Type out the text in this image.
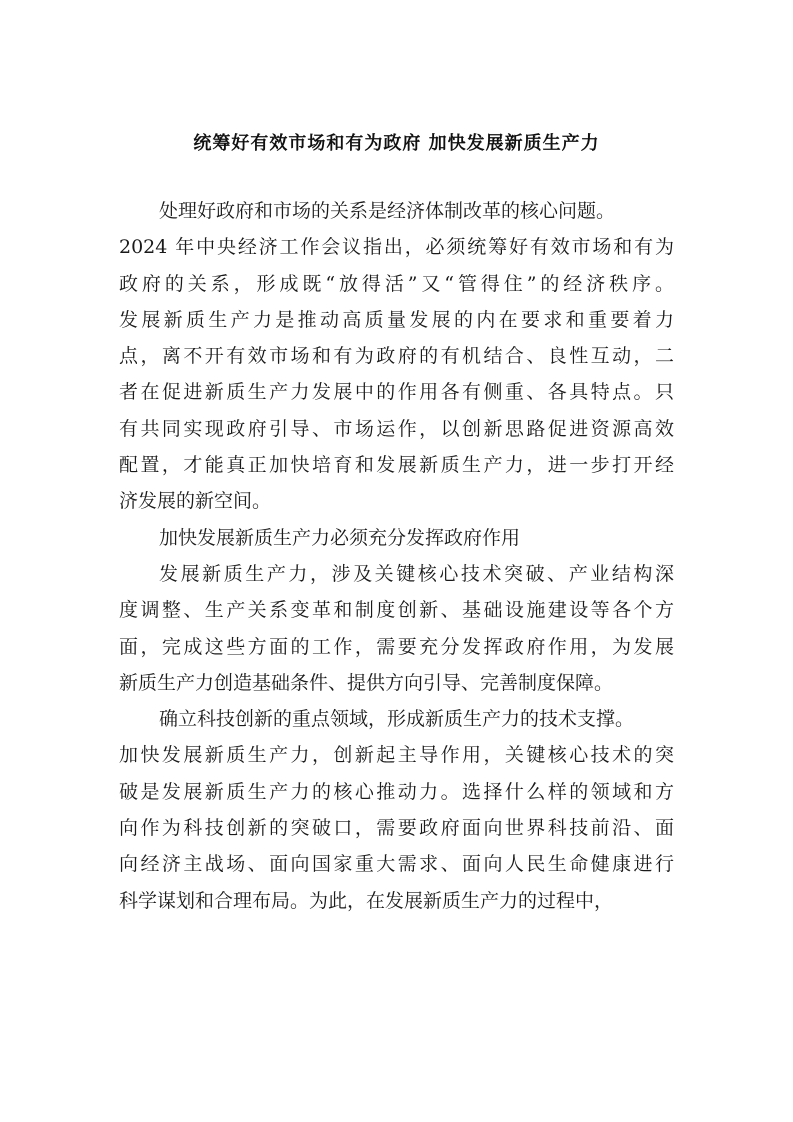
统筹好有效市场和有为政府 加快发展新质生产力
处理好政府和市场的关系是经济体制改革的核心问题。
2024 年中央经济工作会议指出，必须统筹好有效市场和有为
政府的关系，形成既“放得活”又“管得住”的经济秩序。
发展新质生产力是推动高质量发展的内在要求和重要着力
点，离不开有效市场和有为政府的有机结合、良性互动，二
者在促进新质生产力发展中的作用各有侧重、各具特点。只
有共同实现政府引导、市场运作，以创新思路促进资源高效
配置，才能真正加快培育和发展新质生产力，进一步打开经
济发展的新空间。
加快发展新质生产力必须充分发挥政府作用
发展新质生产力，涉及关键核心技术突破、产业结构深
度调整、生产关系变革和制度创新、基础设施建设等各个方
面，完成这些方面的工作，需要充分发挥政府作用，为发展
新质生产力创造基础条件、提供方向引导、完善制度保障。
确立科技创新的重点领域，形成新质生产力的技术支撑。
加快发展新质生产力，创新起主导作用，关键核心技术的突
破是发展新质生产力的核心推动力。选择什么样的领域和方
向作为科技创新的突破口，需要政府面向世界科技前沿、面
向经济主战场、面向国家重大需求、面向人民生命健康进行
科学谋划和合理布局。为此，在发展新质生产力的过程中，
